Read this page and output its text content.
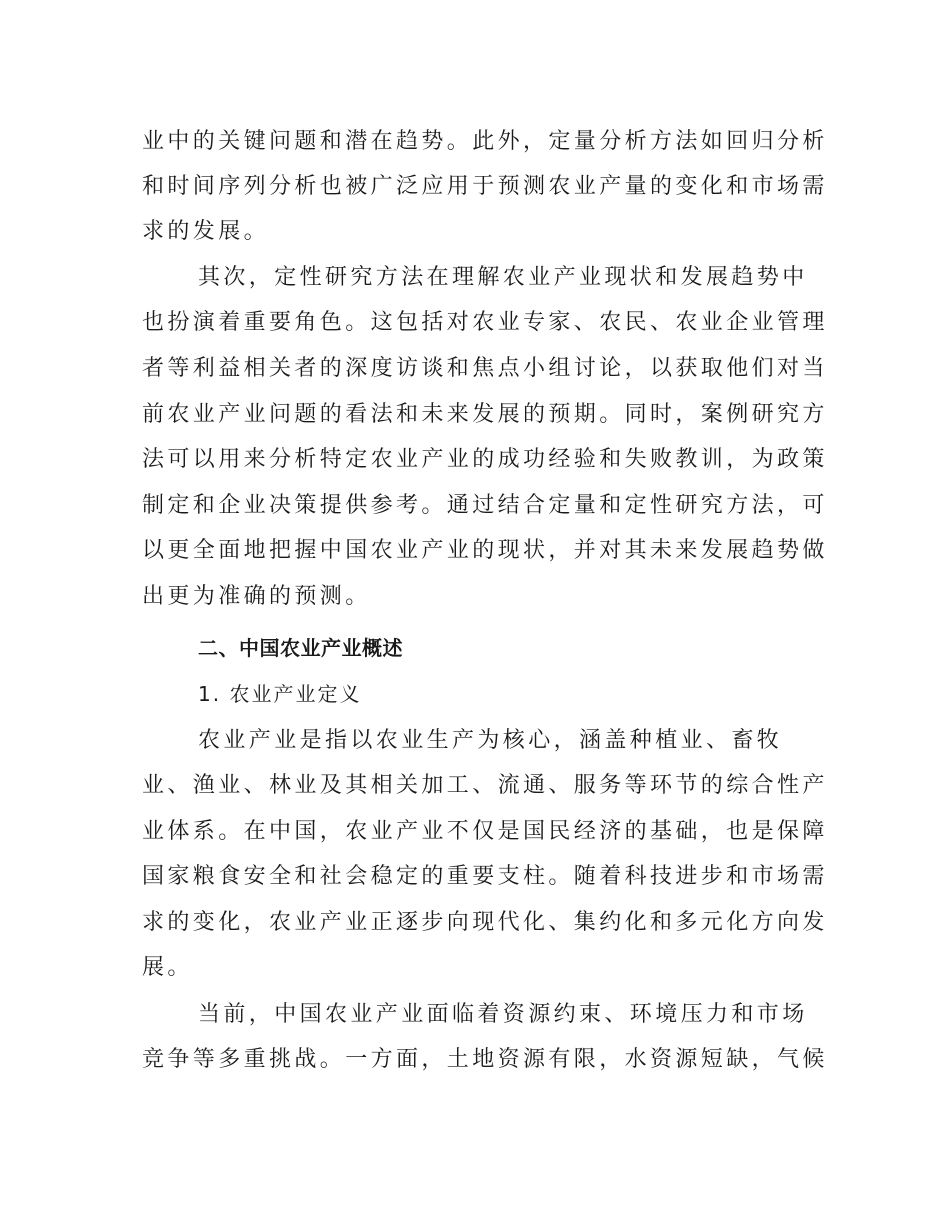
业中的关键问题和潜在趋势。此外，定量分析方法如回归分析
和时间序列分析也被广泛应用于预测农业产量的变化和市场需
求的发展。
其次，定性研究方法在理解农业产业现状和发展趋势中
也扮演着重要角色。这包括对农业专家、农民、农业企业管理
者等利益相关者的深度访谈和焦点小组讨论，以获取他们对当
前农业产业问题的看法和未来发展的预期。同时，案例研究方
法可以用来分析特定农业产业的成功经验和失败教训，为政策
制定和企业决策提供参考。通过结合定量和定性研究方法，可
以更全面地把握中国农业产业的现状，并对其未来发展趋势做
出更为准确的预测。
二、中国农业产业概述
1. 农业产业定义
农业产业是指以农业生产为核心，涵盖种植业、畜牧
业、渔业、林业及其相关加工、流通、服务等环节的综合性产
业体系。在中国，农业产业不仅是国民经济的基础，也是保障
国家粮食安全和社会稳定的重要支柱。随着科技进步和市场需
求的变化，农业产业正逐步向现代化、集约化和多元化方向发
展。
当前，中国农业产业面临着资源约束、环境压力和市场
竞争等多重挑战。一方面，土地资源有限，水资源短缺，气候
